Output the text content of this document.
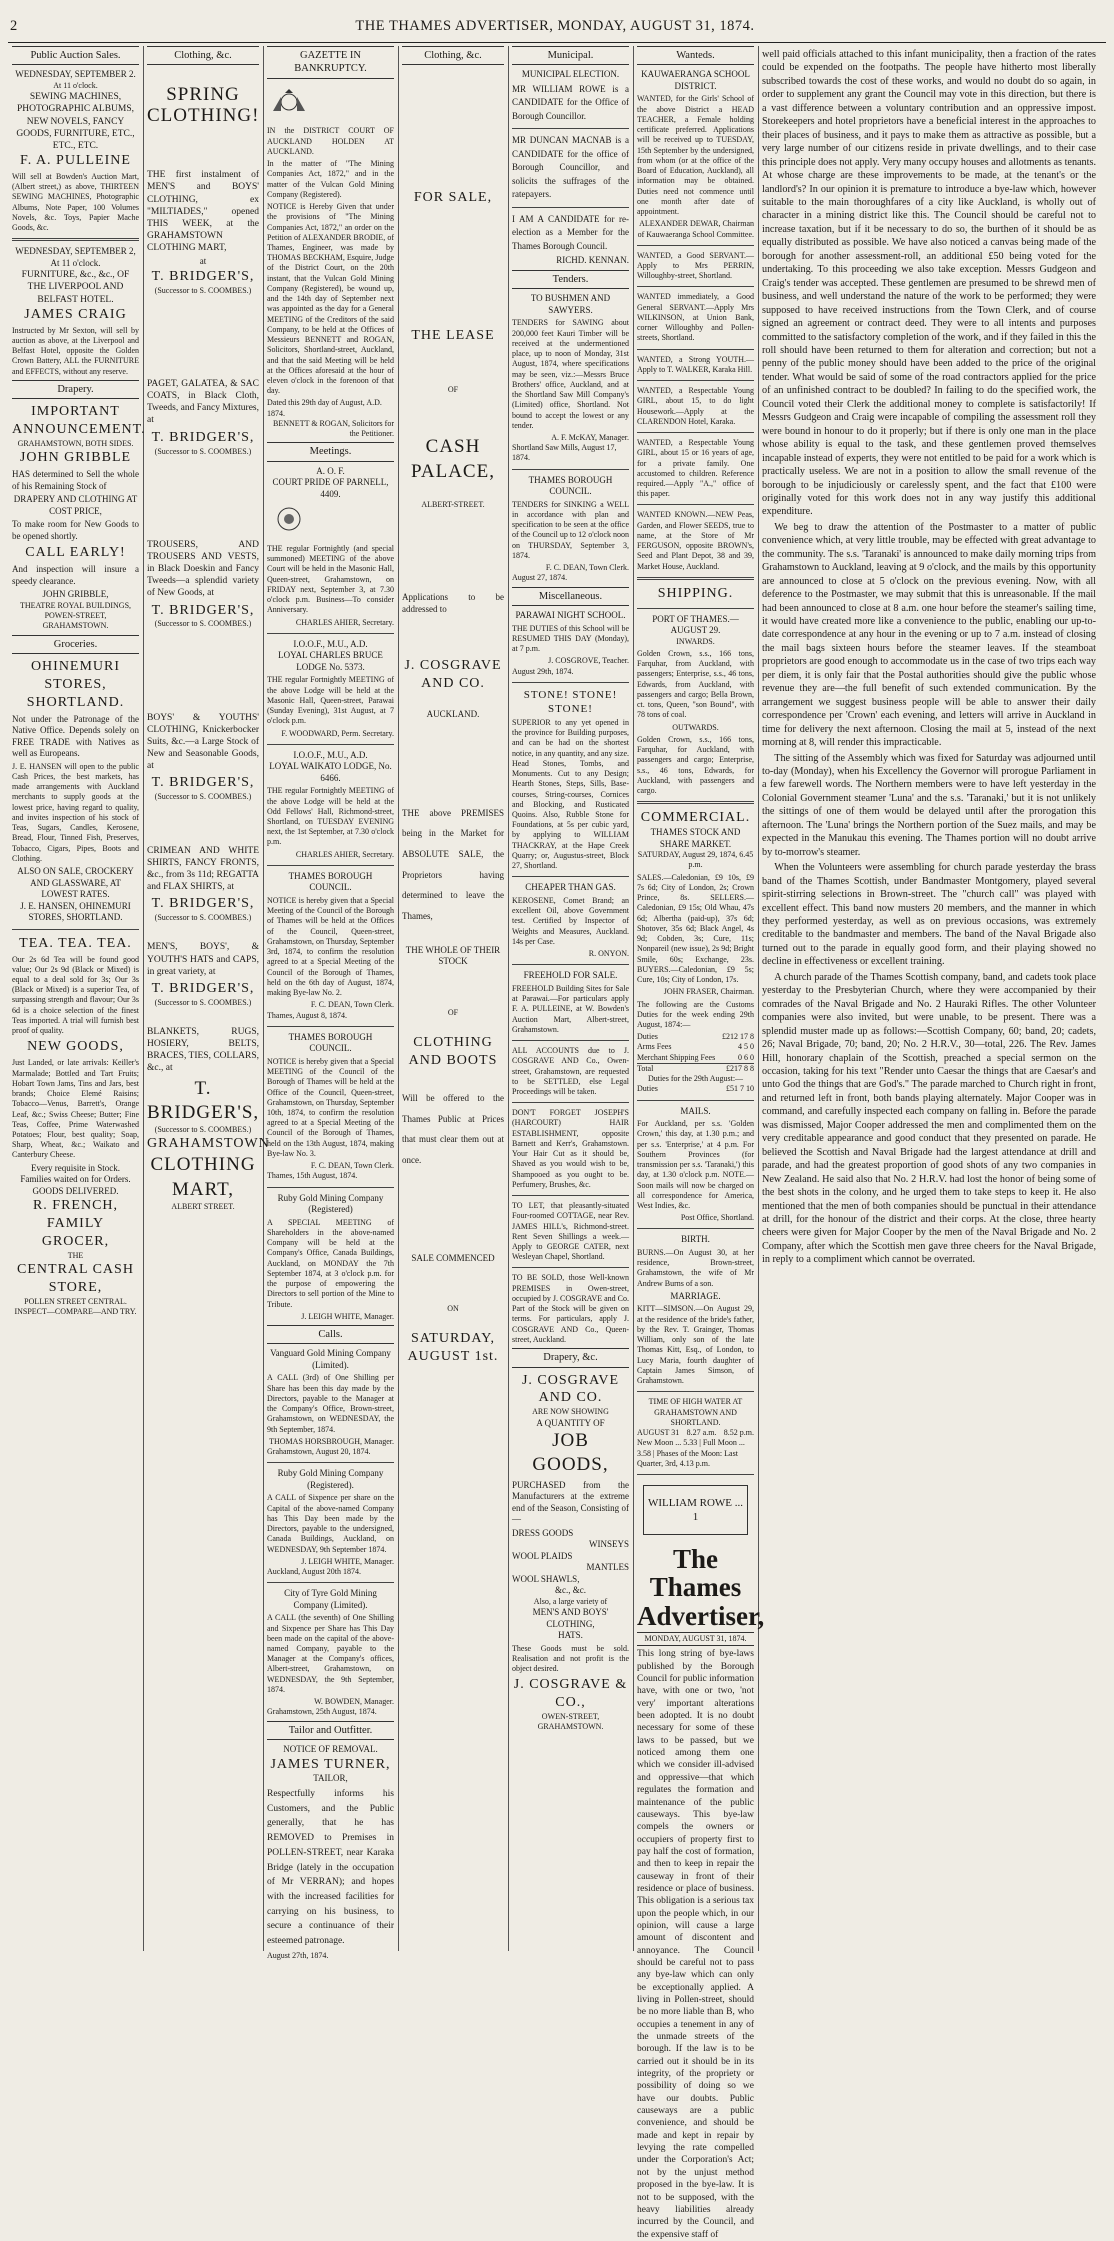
2	THE THAMES ADVERTISER, MONDAY, AUGUST 31, 1874.
Public Auction Sales.
WEDNESDAY, SEPTEMBER 2.
At 11 o'clock.
SEWING MACHINES, PHOTOGRAPHIC ALBUMS, NEW NOVELS, FANCY GOODS, FURNITURE, ETC., ETC., ETC.
F. A. PULLEINE

Will sell at Bowden's Auction Mart, (Albert street,) as above, THIRTEEN SEWING MACHINES, Photographic Albums, Note Paper, 100 Volumes Novels, &c. Toys, Papier Mache Goods, &c.

WEDNESDAY, SEPTEMBER 2, At 11 o'clock.
FURNITURE, &c., &c., OF THE LIVERPOOL AND BELFAST HOTEL.
JAMES CRAIG

Instructed by Mr Sexton, will sell by auction as above, at the Liverpool and Belfast Hotel, opposite the Golden Crown Battery, ALL the FURNITURE and EFFECTS, without any reserve.

Drapery.
IMPORTANT ANNOUNCEMENT.
GRAHAMSTOWN, BOTH SIDES.
JOHN GRIBBLE

HAS determined to Sell the whole of his Remaining Stock of

DRAPERY AND CLOTHING AT COST PRICE,

To make room for New Goods to be opened shortly.

CALL EARLY!

And inspection will insure a speedy clearance.

JOHN GRIBBLE,
THEATRE ROYAL BUILDINGS, POWEN-STREET, GRAHAMSTOWN.
Groceries.
OHINEMURI STORES, SHORTLAND.

Not under the Patronage of the Native Office. Depends solely on FREE TRADE with Natives as well as Europeans.

J. E. HANSEN will open to the public Cash Prices, the best markets, has made arrangements with Auckland merchants to supply goods at the lowest price, having regard to quality, and invites inspection of his stock of Teas, Sugars, Candles, Kerosene, Bread, Flour, Tinned Fish, Preserves, Tobacco, Cigars, Pipes, Boots and Clothing.

ALSO ON SALE, CROCKERY AND GLASSWARE, AT LOWEST RATES.
J. E. HANSEN, OHINEMURI STORES, SHORTLAND.
TEA. TEA. TEA.

Our 2s 6d Tea will be found good value; Our 2s 9d (Black or Mixed) is equal to a deal sold for 3s; Our 3s (Black or Mixed) is a superior Tea, of surpassing strength and flavour; Our 3s 6d is a choice selection of the finest Teas imported. A trial will furnish best proof of quality.

NEW GOODS,

Just Landed, or late arrivals: Keiller's Marmalade; Bottled and Tart Fruits; Hobart Town Jams, Tins and Jars, best brands; Choice Elemé Raisins; Tobacco—Venus, Barrett's, Orange Leaf, &c.; Swiss Cheese; Butter; Fine Teas, Coffee, Prime Waterwashed Potatoes; Flour, best quality; Soap, Sharp, Wheat, &c.; Waikato and Canterbury Cheese.

Every requisite in Stock.
Families waited on for Orders.
GOODS DELIVERED.
R. FRENCH,
FAMILY GROCER,
THE
CENTRAL CASH STORE,
POLLEN STREET CENTRAL.
INSPECT—COMPARE—AND TRY.
Clothing, &c.
SPRING CLOTHING!

THE first instalment of MEN'S and BOYS' CLOTHING, ex "MILTIADES," opened THIS WEEK, at the GRAHAMSTOWN CLOTHING MART,

at
T. BRIDGER'S,
(Successor to S. COOMBES.)

PAGET, GALATEA, & SAC COATS, in Black Cloth, Tweeds, and Fancy Mixtures, at

T. BRIDGER'S,
(Successor to S. COOMBES.)

TROUSERS, AND TROUSERS AND VESTS, in Black Doeskin and Fancy Tweeds—a splendid variety of New Goods, at

T. BRIDGER'S,
(Successor to S. COOMBES.)

BOYS' & YOUTHS' CLOTHING, Knickerbocker Suits, &c.—a Large Stock of New and Seasonable Goods, at

T. BRIDGER'S,
(Successor to S. COOMBES.)

CRIMEAN AND WHITE SHIRTS, FANCY FRONTS, &c., from 3s 11d; REGATTA and FLAX SHIRTS, at

T. BRIDGER'S,
(Successor to S. COOMBES.)

MEN'S, BOYS', & YOUTH'S HATS and CAPS, in great variety, at

T. BRIDGER'S,
(Successor to S. COOMBES.)

BLANKETS, RUGS, HOSIERY, BELTS, BRACES, TIES, COLLARS, &c., at

T. BRIDGER'S,
(Successor to S. COOMBES.)
GRAHAMSTOWN
CLOTHING MART,
ALBERT STREET.
GAZETTE IN BANKRUPTCY.

IN the DISTRICT COURT OF AUCKLAND HOLDEN AT AUCKLAND.

In the matter of "The Mining Companies Act, 1872," and in the matter of the Vulcan Gold Mining Company (Registered).

NOTICE is Hereby Given that under the provisions of "The Mining Companies Act, 1872," an order on the Petition of ALEXANDER BRODIE, of Thames, Engineer, was made by THOMAS BECKHAM, Esquire, Judge of the District Court, on the 20th instant, that the Vulcan Gold Mining Company (Registered), be wound up, and the 14th day of September next was appointed as the day for a General MEETING of the Creditors of the said Company, to be held at the Offices of Messieurs BENNETT and ROGAN, Solicitors, Shortland-street, Auckland, and that the said Meeting will be held at the Offices aforesaid at the hour of eleven o'clock in the forenoon of that day.

Dated this 29th day of August, A.D. 1874.
BENNETT & ROGAN, Solicitors for the Petitioner.
Meetings.
A. O. F.
COURT PRIDE OF PARNELL, 4409.

THE regular Fortnightly (and special summoned) MEETING of the above Court will be held in the Masonic Hall, Queen-street, Grahamstown, on FRIDAY next, September 3, at 7.30 o'clock p.m. Business—To consider Anniversary.

CHARLES AHIER, Secretary.
I.O.O.F., M.U., A.D.
LOYAL CHARLES BRUCE LODGE No. 5373.

THE regular Fortnightly MEETING of the above Lodge will be held at the Masonic Hall, Queen-street, Parawai (Sunday Evening), 31st August, at 7 o'clock p.m.

F. WOODWARD, Perm. Secretary.
I.O.O.F., M.U., A.D.
LOYAL WAIKATO LODGE, No. 6466.

THE regular Fortnightly MEETING of the above Lodge will be held at the Odd Fellows' Hall, Richmond-street, Shortland, on TUESDAY EVENING next, the 1st September, at 7.30 o'clock p.m.

CHARLES AHIER, Secretary.
THAMES BOROUGH COUNCIL.

NOTICE is hereby given that a Special Meeting of the Council of the Borough of Thames will be held at the Offices of the Council, Queen-street, Grahamstown, on Thursday, September 3rd, 1874, to confirm the resolution agreed to at a Special Meeting of the Council of the Borough of Thames, held on the 6th day of August, 1874, making Bye-law No. 2.

F. C. DEAN, Town Clerk.
Thames, August 8, 1874.
THAMES BOROUGH COUNCIL.

NOTICE is hereby given that a Special MEETING of the Council of the Borough of Thames will be held at the Office of the Council, Queen-street, Grahamstown, on Thursday, September 10th, 1874, to confirm the resolution agreed to at a Special Meeting of the Council of the Borough of Thames, held on the 13th August, 1874, making Bye-law No. 3.

F. C. DEAN, Town Clerk.
Thames, 15th August, 1874.
Ruby Gold Mining Company (Registered)

A SPECIAL MEETING of Shareholders in the above-named Company will be held at the Company's Office, Canada Buildings, Auckland, on MONDAY the 7th September 1874, at 3 o'clock p.m. for the purpose of empowering the Directors to sell portion of the Mine to Tribute.

J. LEIGH WHITE, Manager.
Calls.
Vanguard Gold Mining Company (Limited).

A CALL (3rd) of One Shilling per Share has been this day made by the Directors, payable to the Manager at the Company's Office, Brown-street, Grahamstown, on WEDNESDAY, the 9th September, 1874.

THOMAS HORSBROUGH, Manager.
Grahamstown, August 20, 1874.
Ruby Gold Mining Company (Registered).

A CALL of Sixpence per share on the Capital of the above-named Company has This Day been made by the Directors, payable to the undersigned, Canada Buildings, Auckland, on WEDNESDAY, 9th September 1874.

J. LEIGH WHITE, Manager.
Auckland, August 20th 1874.
City of Tyre Gold Mining Company (Limited).

A CALL (the seventh) of One Shilling and Sixpence per Share has This Day been made on the capital of the above-named Company, payable to the Manager at the Company's offices, Albert-street, Grahamstown, on WEDNESDAY, the 9th September, 1874.

W. BOWDEN, Manager.
Grahamstown, 25th August, 1874.
Tailor and Outfitter.
NOTICE OF REMOVAL.
JAMES TURNER,
TAILOR,

Respectfully informs his Customers, and the Public generally, that he has REMOVED to Premises in POLLEN-STREET, near Karaka Bridge (lately in the occupation of Mr VERRAN); and hopes with the increased facilities for carrying on his business, to secure a continuance of their esteemed patronage.

August 27th, 1874.
Clothing, &c.
FOR SALE,
THE LEASE
OF
CASH PALACE,
ALBERT-STREET.

Applications to be addressed to

J. COSGRAVE AND CO.
AUCKLAND.

THE above PREMISES being in the Market for ABSOLUTE SALE, the Proprietors having determined to leave the Thames,

THE WHOLE OF THEIR STOCK
OF
CLOTHING AND BOOTS

Will be offered to the Thames Public at Prices that must clear them out at once.

SALE COMMENCED
ON
SATURDAY, AUGUST 1st.
Municipal.
MUNICIPAL ELECTION.

MR WILLIAM ROWE is a CANDIDATE for the Office of Borough Councillor.

MR DUNCAN MACNAB is a CANDIDATE for the office of Borough Councillor, and solicits the suffrages of the ratepayers.

I AM A CANDIDATE for re-election as a Member for the Thames Borough Council.

RICHD. KENNAN.
Tenders.
TO BUSHMEN AND SAWYERS.

TENDERS for SAWING about 200,000 feet Kauri Timber will be received at the undermentioned place, up to noon of Monday, 31st August, 1874, where specifications may be seen, viz.:—Messrs Bruce Brothers' office, Auckland, and at the Shortland Saw Mill Company's (Limited) office, Shortland. Not bound to accept the lowest or any tender.

A. F. McKAY, Manager.
Shortland Saw Mills, August 17, 1874.
THAMES BOROUGH COUNCIL.

TENDERS for SINKING a WELL in accordance with plan and specification to be seen at the office of the Council up to 12 o'clock noon on THURSDAY, September 3, 1874.

F. C. DEAN, Town Clerk.
August 27, 1874.
Miscellaneous.
PARAWAI NIGHT SCHOOL.

THE DUTIES of this School will be RESUMED THIS DAY (Monday), at 7 p.m.

J. COSGROVE, Teacher.
August 29th, 1874.
STONE! STONE! STONE!

SUPERIOR to any yet opened in the province for Building purposes, and can be had on the shortest notice, in any quantity, and any size. Head Stones, Tombs, and Monuments. Cut to any Design; Hearth Stones, Steps, Sills, Base-courses, String-courses, Cornices and Blocking, and Rusticated Quoins. Also, Rubble Stone for Foundations, at 5s per cubic yard, by applying to WILLIAM THACKRAY, at the Hape Creek Quarry; or, Augustus-street, Block 27, Shortland.

CHEAPER THAN GAS.

KEROSENE, Comet Brand; an excellent Oil, above Government test. Certified by Inspector of Weights and Measures, Auckland. 14s per Case.

R. ONYON.
FREEHOLD FOR SALE.

FREEHOLD Building Sites for Sale at Parawai.—For particulars apply F. A. PULLEINE, at W. Bowden's Auction Mart, Albert-street, Grahamstown.

ALL ACCOUNTS due to J. COSGRAVE AND Co., Owen-street, Grahamstown, are requested to be SETTLED, else Legal Proceedings will be taken.

DON'T FORGET JOSEPH'S (HARCOURT) HAIR ESTABLISHMENT, opposite Barnett and Kerr's, Grahamstown. Your Hair Cut as it should be, Shaved as you would wish to be, Shampooed as you ought to be. Perfumery, Brushes, &c.

TO LET, that pleasantly-situated Four-roomed COTTAGE, near Rev. JAMES HILL's, Richmond-street. Rent Seven Shillings a week.—Apply to GEORGE CATER, next Wesleyan Chapel, Shortland.

TO BE SOLD, those Well-known PREMISES in Owen-street, occupied by J. COSGRAVE and Co. Part of the Stock will be given on terms. For particulars, apply J. COSGRAVE AND Co., Queen-street, Auckland.

Drapery, &c.
J. COSGRAVE AND CO.
ARE NOW SHOWING
A QUANTITY OF
JOB GOODS,

PURCHASED from the Manufacturers at the extreme end of the Season, Consisting of—

DRESS GOODS
WINSEYS
WOOL PLAIDS
MANTLES
WOOL SHAWLS,
&c., &c.
Also, a large variety of
MEN'S AND BOYS' CLOTHING,
HATS.

These Goods must be sold. Realisation and not profit is the object desired.

J. COSGRAVE & CO.,
OWEN-STREET, GRAHAMSTOWN.
Wanteds.
KAUWAERANGA SCHOOL DISTRICT.

WANTED, for the Girls' School of the above District a HEAD TEACHER, a Female holding certificate preferred. Applications will be received up to TUESDAY, 15th September by the undersigned, from whom (or at the office of the Board of Education, Auckland), all information may be obtained. Duties need not commence until one month after date of appointment.

ALEXANDER DEWAR, Chairman of Kauwaeranga School Committee.

WANTED, a Good SERVANT.—Apply to Mrs PERRIN, Willoughby-street, Shortland.

WANTED immediately, a Good General SERVANT.—Apply Mrs WILKINSON, at Union Bank, corner Willoughby and Pollen-streets, Shortland.

WANTED, a Strong YOUTH.—Apply to T. WALKER, Karaka Hill.

WANTED, a Respectable Young GIRL, about 15, to do light Housework.—Apply at the CLARENDON Hotel, Karaka.

WANTED, a Respectable Young GIRL, about 15 or 16 years of age, for a private family. One accustomed to children. Reference required.—Apply "A.," office of this paper.

WANTED KNOWN.—NEW Peas, Garden, and Flower SEEDS, true to name, at the Store of Mr FERGUSON, opposite BROWN's, Seed and Plant Depot, 38 and 39, Market House, Auckland.

SHIPPING.
PORT OF THAMES.—AUGUST 29.
INWARDS.

Golden Crown, s.s., 166 tons, Farquhar, from Auckland, with passengers; Enterprise, s.s., 46 tons, Edwards, from Auckland, with passengers and cargo; Bella Brown, ct. tons, Queen, "son Bound", with 78 tons of coal.

OUTWARDS.

Golden Crown, s.s., 166 tons, Farquhar, for Auckland, with passengers and cargo; Enterprise, s.s., 46 tons, Edwards, for Auckland, with passengers and cargo.

COMMERCIAL.
THAMES STOCK AND SHARE MARKET.
SATURDAY, August 29, 1874, 6.45 p.m.

SALES.—Caledonian, £9 10s, £9 7s 6d; City of London, 2s; Crown Prince, 8s. SELLERS.—Caledonian, £9 15s; Old Whau, 47s 6d; Albertha (paid-up), 37s 6d; Shotover, 35s 6d; Black Angel, 4s 9d; Cobden, 3s; Cure, 11s; Nonpareil (new issue), 2s 9d; Bright Smile, 60s; Exchange, 23s. BUYERS.—Caledonian, £9 5s; Cure, 10s; City of London, 17s.

JOHN FRASER, Chairman.

The following are the Customs Duties for the week ending 29th August, 1874:—

Duties	£212 17 8
Arms Fees	4 5 0
Merchant Shipping Fees	0 6 0
Total	£217 8 8
Duties for the 29th August:—
Duties	£51 7 10
MAILS.

For Auckland, per s.s. 'Golden Crown,' this day, at 1.30 p.m.; and per s.s. 'Enterprise,' at 4 p.m. For Southern Provinces (for transmission per s.s. 'Taranaki,') this day, at 1.30 o'clock p.m. NOTE.—Soon mails will now be charged on all correspondence for America, West Indies, &c.

Post Office, Shortland.
BIRTH.

BURNS.—On August 30, at her residence, Brown-street, Grahamstown, the wife of Mr Andrew Burns of a son.

MARRIAGE.

KITT—SIMSON.—On August 29, at the residence of the bride's father, by the Rev. T. Grainger, Thomas William, only son of the late Thomas Kitt, Esq., of London, to Lucy Maria, fourth daughter of Captain James Simson, of Grahamstown.

TIME OF HIGH WATER AT GRAHAMSTOWN AND SHORTLAND.
AUGUST 31 8.27 a.m. 8.52 p.m.
New Moon ... 5.33 | Full Moon ... 3.58 | Phases of the Moon: Last Quarter, 3rd, 4.13 p.m.
WILLIAM ROWE ... 1
The Thames Advertiser,
MONDAY, AUGUST 31, 1874.

This long string of bye-laws published by the Borough Council for public information have, with one or two, 'not very' important alterations been adopted. It is no doubt necessary for some of these laws to be passed, but we noticed among them one which we consider ill-advised and oppressive—that which regulates the formation and maintenance of the public causeways. This bye-law compels the owners or occupiers of property first to pay half the cost of formation, and then to keep in repair the causeway in front of their residence or place of business. This obligation is a serious tax upon the people which, in our opinion, will cause a large amount of discontent and annoyance. The Council should be careful not to pass any bye-law which can only be exceptionally applied. A living in Pollen-street, should be no more liable than B, who occupies a tenement in any of the unmade streets of the borough. If the law is to be carried out it should be in its integrity, of the propriety or possibility of doing so we have our doubts. Public causeways are a public convenience, and should be made and kept in repair by levying the rate compelled under the Corporation's Act; not by the unjust method proposed in the bye-law. It is not to be supposed, with the heavy liabilities already incurred by the Council, and the expensive staff of

well paid officials attached to this infant municipality, then a fraction of the rates could be expended on the footpaths. The people have hitherto most liberally subscribed towards the cost of these works, and would no doubt do so again, in order to supplement any grant the Council may vote in this direction, but there is a vast difference between a voluntary contribution and an oppressive impost. Storekeepers and hotel proprietors have a beneficial interest in the approaches to their places of business, and it pays to make them as attractive as possible, but a very large number of our citizens reside in private dwellings, and to their case this principle does not apply. Very many occupy houses and allotments as tenants. At whose charge are these improvements to be made, at the tenant's or the landlord's? In our opinion it is premature to introduce a bye-law which, however suitable to the main thoroughfares of a city like Auckland, is wholly out of character in a mining district like this. The Council should be careful not to increase taxation, but if it be necessary to do so, the burthen of it should be as equally distributed as possible. We have also noticed a canvas being made of the borough for another assessment-roll, an additional £50 being voted for the undertaking. To this proceeding we also take exception. Messrs Gudgeon and Craig's tender was accepted. These gentlemen are presumed to be shrewd men of business, and well understand the nature of the work to be performed; they were supposed to have received instructions from the Town Clerk, and of course signed an agreement or contract deed. They were to all intents and purposes committed to the satisfactory completion of the work, and if they failed in this the roll should have been returned to them for alteration and correction; but not a penny of the public money should have been added to the price of the original tender. What would be said of some of the road contractors applied for the price of an unfinished contract to be doubled? In failing to do the specified work, the Council voted their Clerk the additional money to complete is satisfactorily! If Messrs Gudgeon and Craig were incapable of compiling the assessment roll they were bound in honour to do it properly; but if there is only one man in the place whose ability is equal to the task, and these gentlemen proved themselves incapable instead of experts, they were not entitled to be paid for a work which is practically useless. We are not in a position to allow the small revenue of the borough to be injudiciously or carelessly spent, and the fact that £100 were originally voted for this work does not in any way justify this additional expenditure.

We beg to draw the attention of the Postmaster to a matter of public convenience which, at very little trouble, may be effected with great advantage to the community. The s.s. 'Taranaki' is announced to make daily morning trips from Grahamstown to Auckland, leaving at 9 o'clock, and the mails by this opportunity are announced to close at 5 o'clock on the previous evening. Now, with all deference to the Postmaster, we may submit that this is unreasonable. If the mail had been announced to close at 8 a.m. one hour before the steamer's sailing time, it would have created more like a convenience to the public, enabling our up-to-date correspondence at any hour in the evening or up to 7 a.m. instead of closing the mail bags sixteen hours before the steamer leaves. If the steamboat proprietors are good enough to accommodate us in the case of two trips each way per diem, it is only fair that the Postal authorities should give the public whose revenue they are—the full benefit of such extended communication. By the arrangement we suggest business people will be able to answer their daily correspondence per 'Crown' each evening, and letters will arrive in Auckland in time for delivery the next afternoon. Closing the mail at 5, instead of the next morning at 8, will render this impracticable.

The sitting of the Assembly which was fixed for Saturday was adjourned until to-day (Monday), when his Excellency the Governor will prorogue Parliament in a few farewell words. The Northern members were to have left yesterday in the Colonial Government steamer 'Luna' and the s.s. 'Taranaki,' but it is not unlikely the sittings of one of them would be delayed until after the prorogation this afternoon. The 'Luna' brings the Northern portion of the Suez mails, and may be expected in the Manukau this evening. The Thames portion will no doubt arrive by to-morrow's steamer.

When the Volunteers were assembling for church parade yesterday the brass band of the Thames Scottish, under Bandmaster Montgomery, played several spirit-stirring selections in Brown-street. The "church call" was played with excellent effect. This band now musters 20 members, and the manner in which they performed yesterday, as well as on previous occasions, was extremely creditable to the bandmaster and members. The band of the Naval Brigade also turned out to the parade in equally good form, and their playing showed no decline in effectiveness or excellent training.

A church parade of the Thames Scottish company, band, and cadets took place yesterday to the Presbyterian Church, where they were accompanied by their comrades of the Naval Brigade and No. 2 Hauraki Rifles. The other Volunteer companies were also invited, but were unable, to be present. There was a splendid muster made up as follows:—Scottish Company, 60; band, 20; cadets, 26; Naval Brigade, 70; band, 20; No. 2 H.R.V., 30—total, 226. The Rev. James Hill, honorary chaplain of the Scottish, preached a special sermon on the occasion, taking for his text "Render unto Caesar the things that are Caesar's and unto God the things that are God's." The parade marched to Church right in front, and returned left in front, both bands playing alternately. Major Cooper was in command, and carefully inspected each company on falling in. Before the parade was dismissed, Major Cooper addressed the men and complimented them on the very creditable appearance and good conduct that they presented on parade. He believed the Scottish and Naval Brigade had the largest attendance at drill and parade, and had the greatest proportion of good shots of any two companies in New Zealand. He said also that No. 2 H.R.V. had lost the honor of being some of the best shots in the colony, and he urged them to take steps to keep it. He also mentioned that the men of both companies should be punctual in their attendance at drill, for the honour of the district and their corps. At the close, three hearty cheers were given for Major Cooper by the men of the Naval Brigade and No. 2 Company, after which the Scottish men gave three cheers for the Naval Brigade, in reply to a compliment which cannot be overrated.
